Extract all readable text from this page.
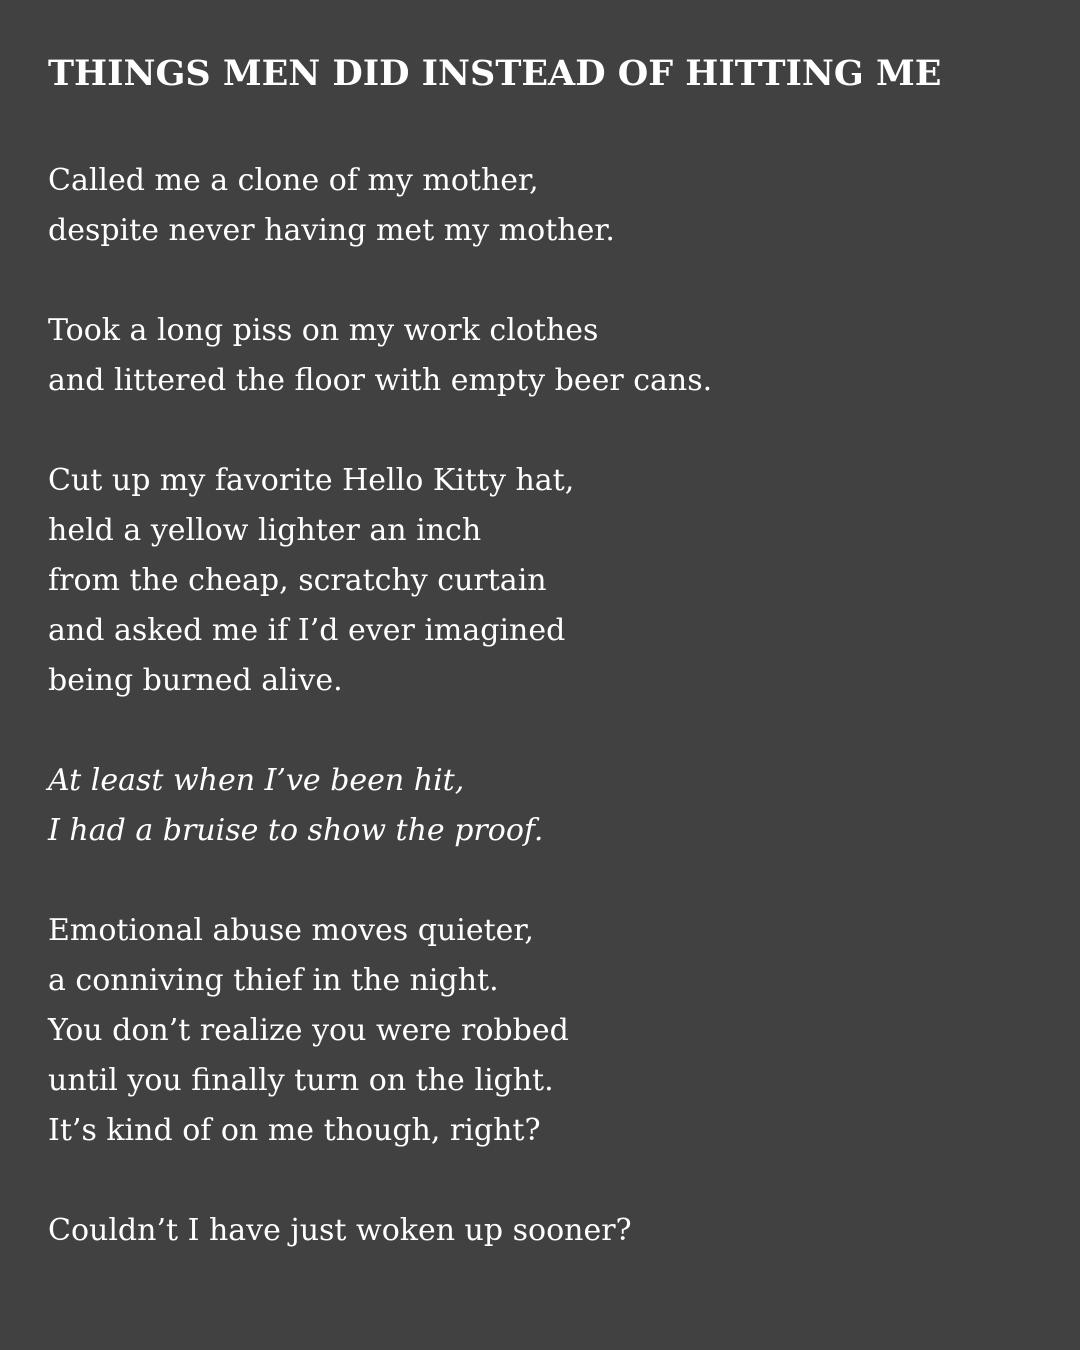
THINGS MEN DID INSTEAD OF HITTING ME
Called me a clone of my mother,
despite never having met my mother.
Took a long piss on my work clothes
and littered the floor with empty beer cans.
Cut up my favorite Hello Kitty hat,
held a yellow lighter an inch
from the cheap, scratchy curtain
and asked me if I’d ever imagined
being burned alive.
At least when I’ve been hit,
I had a bruise to show the proof.
Emotional abuse moves quieter,
a conniving thief in the night.
You don’t realize you were robbed
until you finally turn on the light.
It’s kind of on me though, right?
Couldn’t I have just woken up sooner?
